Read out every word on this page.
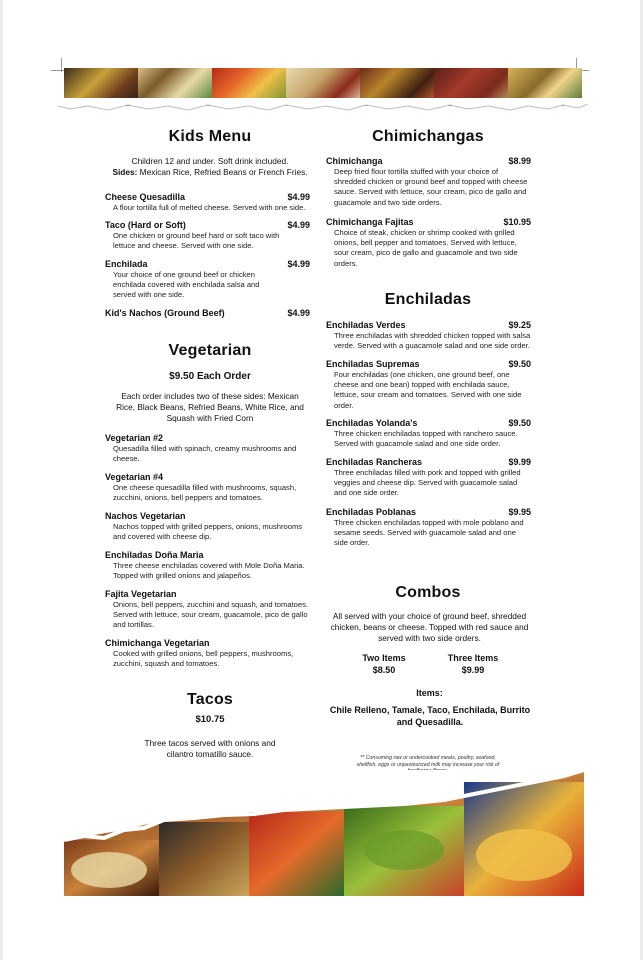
Kids Menu
Children 12 and under. Soft drink included.
Sides: Mexican Rice, Refried Beans or French Fries.
Cheese Quesadilla	$4.99
A flour tortilla full of melted cheese. Served with one side.
Taco (Hard or Soft)	$4.99
One chicken or ground beef hard or soft taco with lettuce and cheese. Served with one side.
Enchilada	$4.99
Your choice of one ground beef or chicken enchilada covered with enchilada salsa and served with one side.
Kid's Nachos (Ground Beef)	$4.99
Vegetarian
$9.50 Each Order
Each order includes two of these sides: Mexican Rice, Black Beans, Refried Beans, White Rice, and Squash with Fried Corn
Vegetarian #2
Quesadilla filled with spinach, creamy mushrooms and cheese.
Vegetarian #4
One cheese quesadilla filled with mushrooms, squash, zucchini, onions, bell peppers and tomatoes.
Nachos Vegetarian
Nachos topped with grilled peppers, onions, mushrooms and covered with cheese dip.
Enchiladas Doña Maria
Three cheese enchiladas covered with Mole Doña Maria. Topped with grilled onions and jalapeños.
Fajita Vegetarian
Onions, bell peppers, zucchini and squash, and tomatoes. Served with lettuce, sour cream, guacamole, pico de gallo and tortillas.
Chimichanga Vegetarian
Cooked with grilled onions, bell peppers, mushrooms, zucchini, squash and tomatoes.
Tacos
$10.75
Three tacos served with onions and cilantro tomatillo sauce.
Chimichangas
Chimichanga	$8.99
Deep fried flour tortilla stuffed with your choice of shredded chicken or ground beef and topped with cheese sauce. Served with lettuce, sour cream, pico de gallo and guacamole and two side orders.
Chimichanga Fajitas	$10.95
Choice of steak, chicken or shrimp cooked with grilled onions, bell pepper and tomatoes. Served with lettuce, sour cream, pico de gallo and guacamole and two side orders.
Enchiladas
Enchiladas Verdes	$9.25
Three enchiladas with shredded chicken topped with salsa verde. Served with a guacamole salad and one side order.
Enchiladas Supremas	$9.50
Four enchiladas (one chicken, one ground beef, one cheese and one bean) topped with enchilada sauce, lettuce, sour cream and tomatoes. Served with one side order.
Enchiladas Yolanda's	$9.50
Three chicken enchiladas topped with ranchero sauce. Served with guacamole salad and one side order.
Enchiladas Rancheras	$9.99
Three enchiladas filled with pork and topped with grilled veggies and cheese dip. Served with guacamole salad and one side order.
Enchiladas Poblanas	$9.95
Three chicken enchiladas topped with mole poblano and sesame seeds. Served with guacamole salad and one side order.
Combos
All served with your choice of ground beef, shredded chicken, beans or cheese. Topped with red sauce and served with two side orders.
Two Items
$8.50
Three Items
$9.99
Items:
Chile Relleno, Tamale, Taco, Enchilada, Burrito and Quesadilla.
** Consuming raw or undercooked meats, poultry, seafood, shellfish, eggs or unpasteurized milk may increase your risk of
